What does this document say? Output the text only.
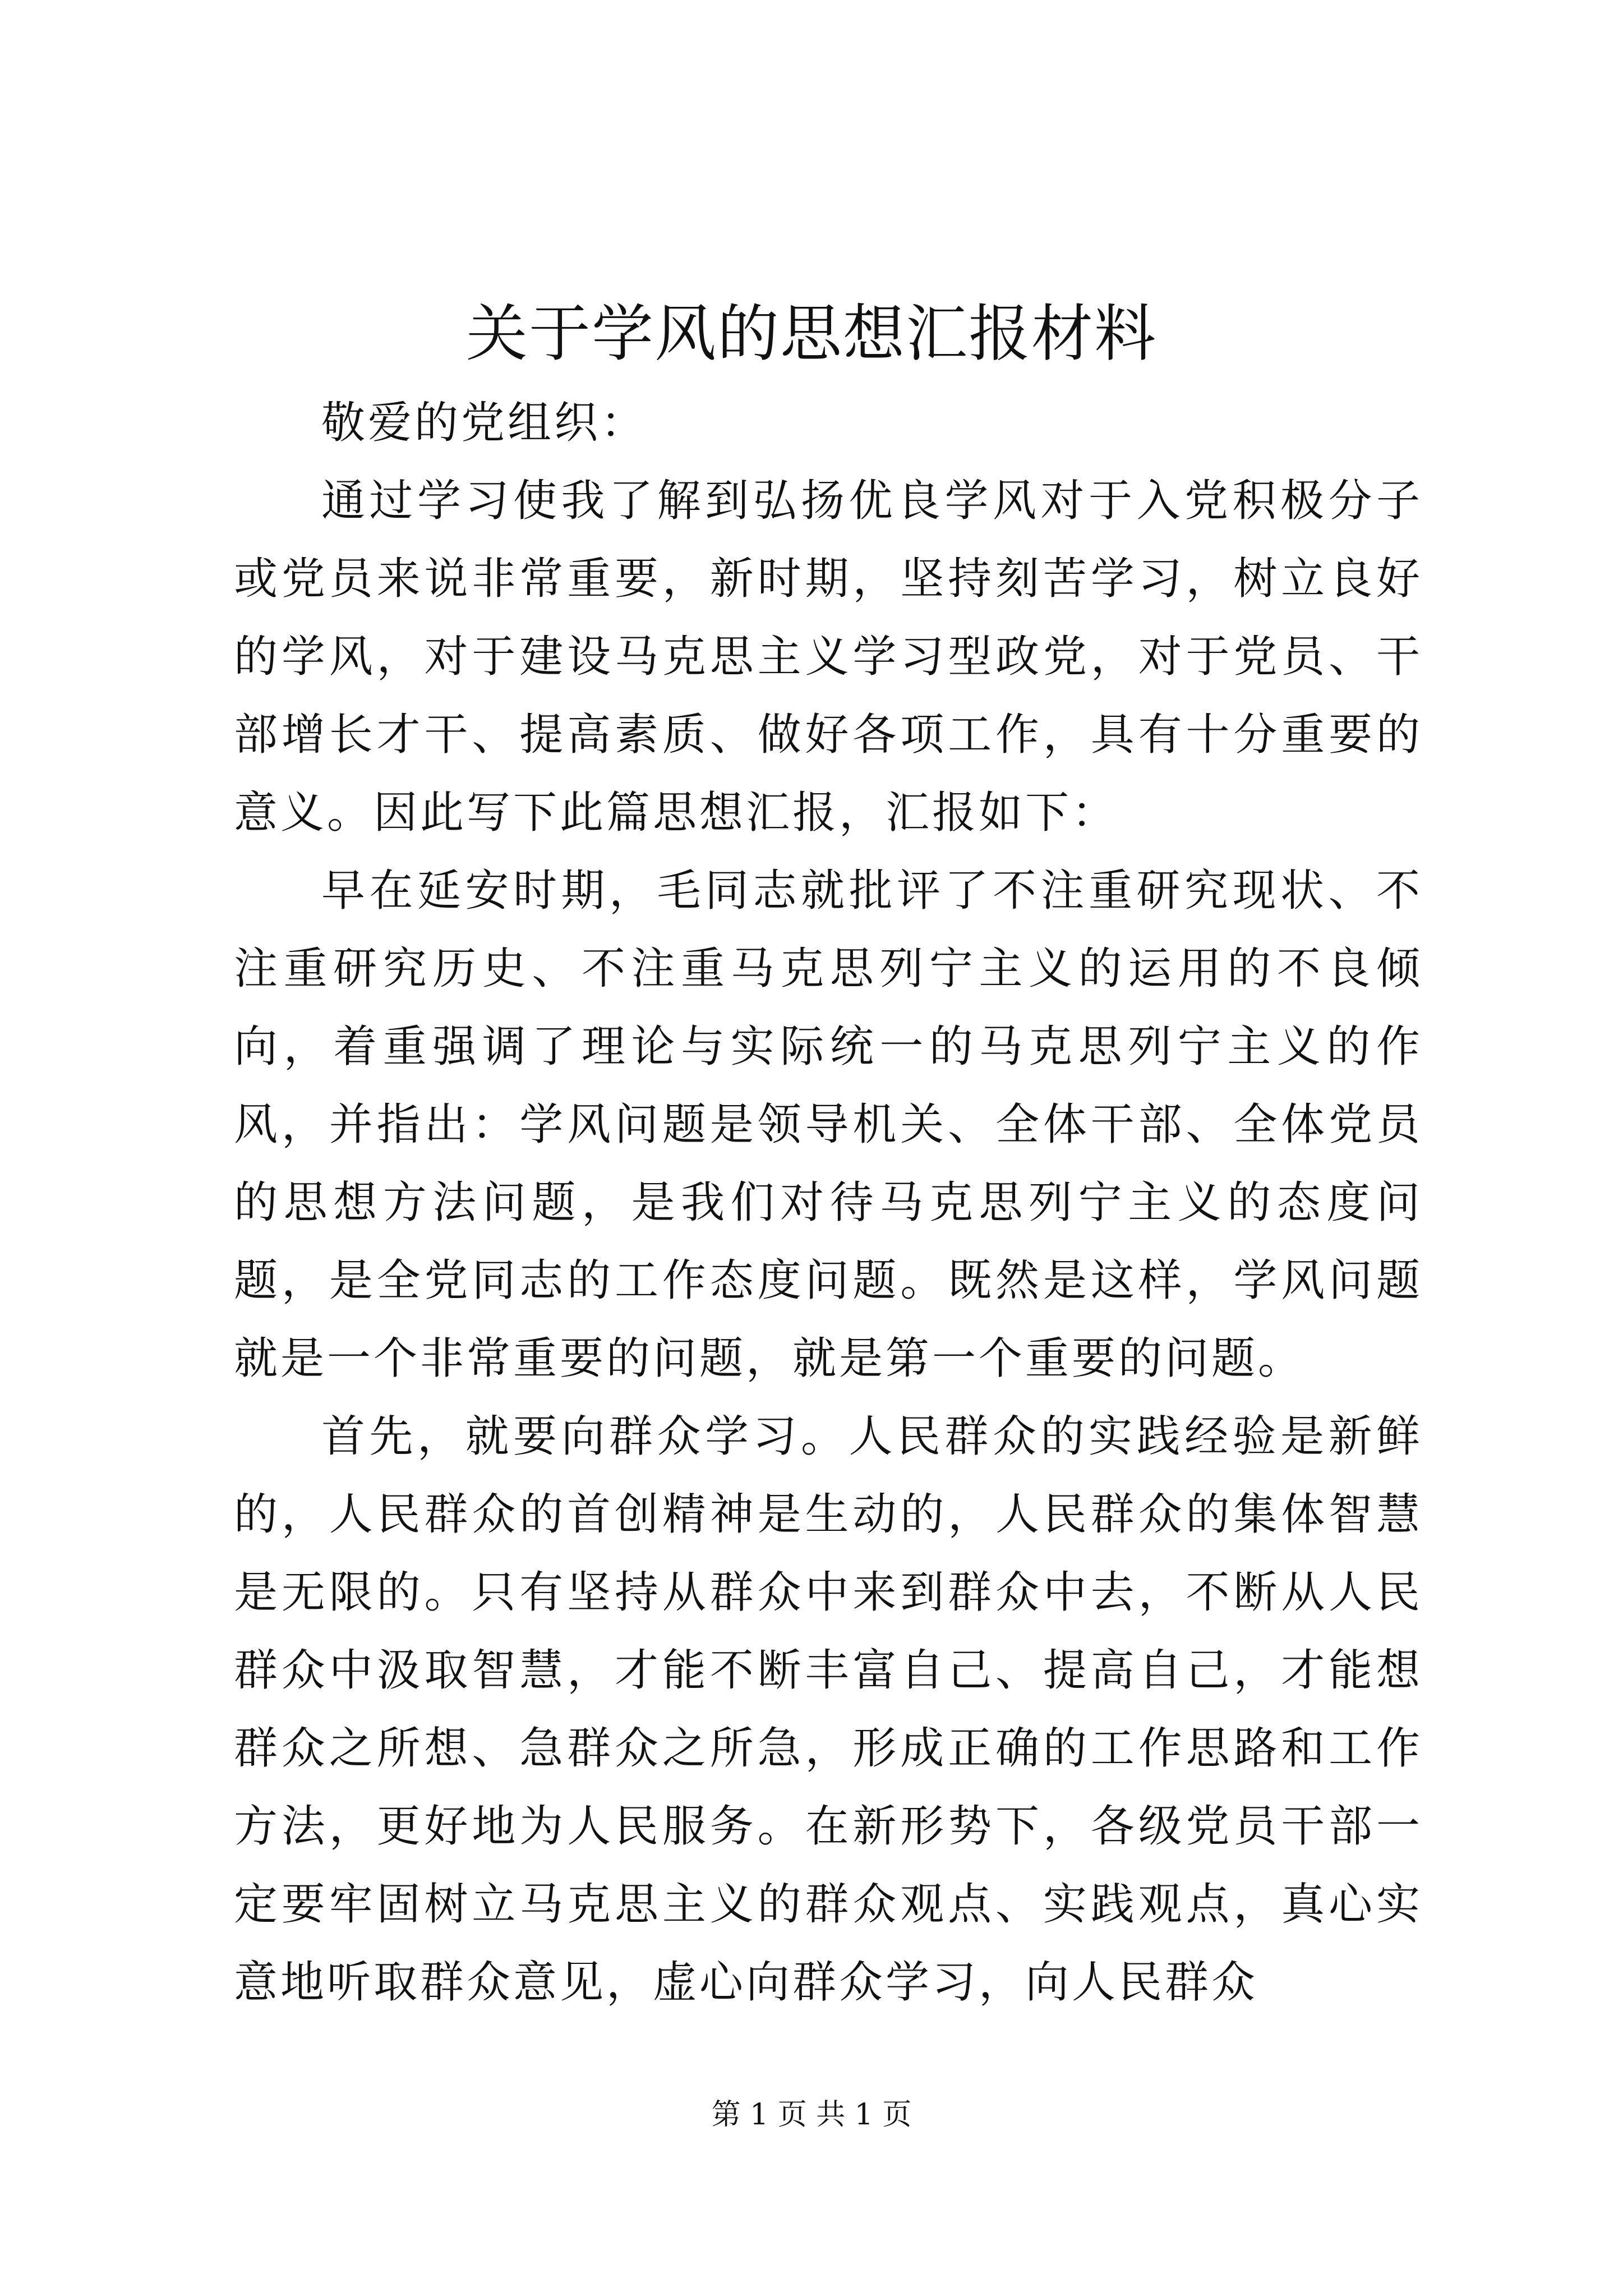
关于学风的思想汇报材料

敬爱的党组织：

通过学习使我了解到弘扬优良学风对于入党积极分子或党员来说非常重要，新时期，坚持刻苦学习，树立良好的学风，对于建设马克思主义学习型政党，对于党员、干部增长才干、提高素质、做好各项工作，具有十分重要的意义。因此写下此篇思想汇报，汇报如下：

早在延安时期，毛同志就批评了不注重研究现状、不注重研究历史、不注重马克思列宁主义的运用的不良倾向，着重强调了理论与实际统一的马克思列宁主义的作风，并指出：学风问题是领导机关、全体干部、全体党员的思想方法问题，是我们对待马克思列宁主义的态度问题，是全党同志的工作态度问题。既然是这样，学风问题就是一个非常重要的问题，就是第一个重要的问题。

首先，就要向群众学习。人民群众的实践经验是新鲜的，人民群众的首创精神是生动的，人民群众的集体智慧是无限的。只有坚持从群众中来到群众中去，不断从人民群众中汲取智慧，才能不断丰富自己、提高自己，才能想群众之所想、急群众之所急，形成正确的工作思路和工作方法，更好地为人民服务。在新形势下，各级党员干部一定要牢固树立马克思主义的群众观点、实践观点，真心实意地听取群众意见，虚心向群众学习，向人民群众

第 1 页 共 1 页
